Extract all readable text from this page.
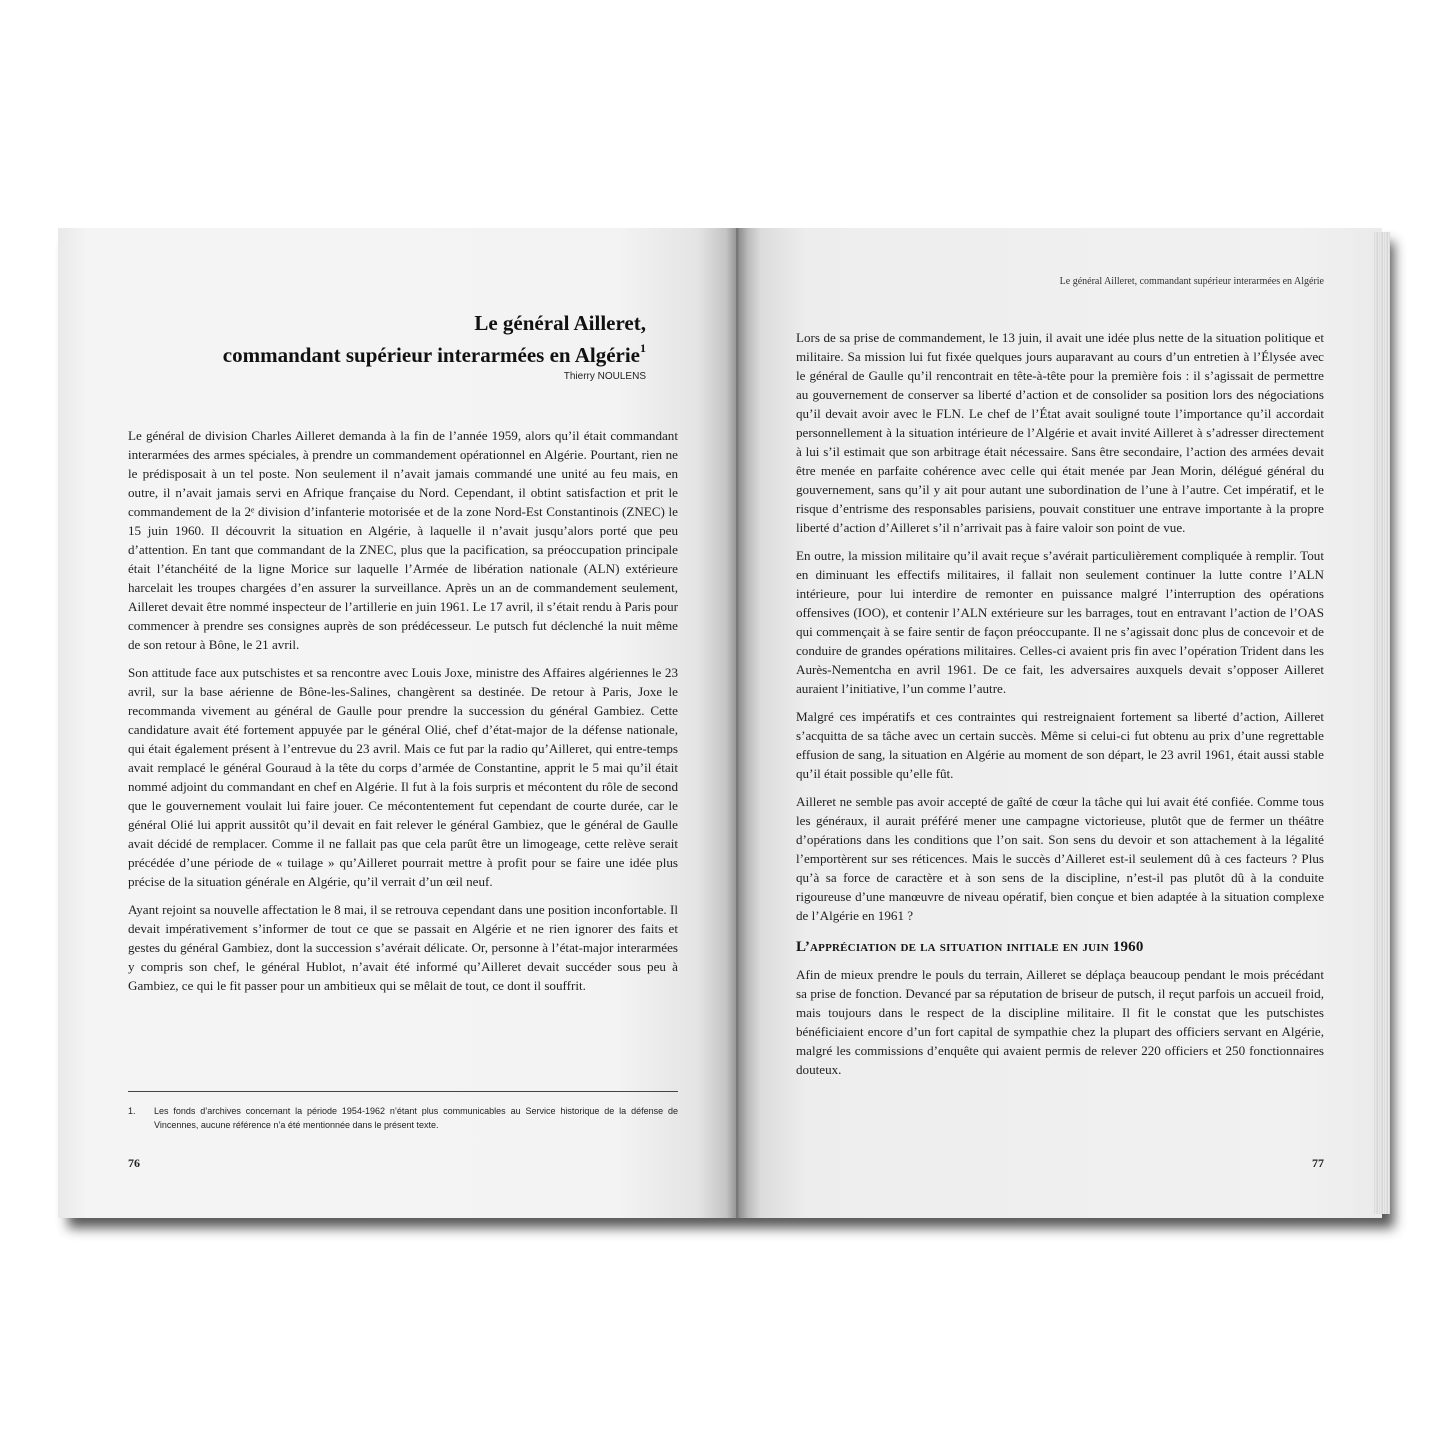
Le général Ailleret,
commandant supérieur interarmées en Algérie$^1$
Thierry NOULENS

Le général de division Charles Ailleret demanda à la fin de l’année 1959, alors qu’il était commandant interarmées des armes spéciales, à prendre un commandement opérationnel en Algérie. Pourtant, rien ne le prédisposait à un tel poste. Non seulement il n’avait jamais commandé une unité au feu mais, en outre, il n’avait jamais servi en Afrique française du Nord. Cependant, il obtint satisfaction et prit le commandement de la 2ᵉ division d’infanterie motorisée et de la zone Nord-Est Constantinois (ZNEC) le 15 juin 1960. Il découvrit la situation en Algérie, à laquelle il n’avait jusqu’alors porté que peu d’attention. En tant que commandant de la ZNEC, plus que la pacification, sa préoccupation principale était l’étanchéité de la ligne Morice sur laquelle l’Armée de libération nationale (ALN) extérieure harcelait les troupes chargées d’en assurer la surveillance. Après un an de commandement seulement, Ailleret devait être nommé inspecteur de l’artillerie en juin 1961. Le 17 avril, il s’était rendu à Paris pour commencer à prendre ses consignes auprès de son prédécesseur. Le putsch fut déclenché la nuit même de son retour à Bône, le 21 avril.

Son attitude face aux putschistes et sa rencontre avec Louis Joxe, ministre des Affaires algériennes le 23 avril, sur la base aérienne de Bône-les-Salines, changèrent sa destinée. De retour à Paris, Joxe le recommanda vivement au général de Gaulle pour prendre la succession du général Gambiez. Cette candidature avait été fortement appuyée par le général Olié, chef d’état-major de la défense nationale, qui était également présent à l’entrevue du 23 avril. Mais ce fut par la radio qu’Ailleret, qui entre-temps avait remplacé le général Gouraud à la tête du corps d’armée de Constantine, apprit le 5 mai qu’il était nommé adjoint du commandant en chef en Algérie. Il fut à la fois surpris et mécontent du rôle de second que le gouvernement voulait lui faire jouer. Ce mécontentement fut cependant de courte durée, car le général Olié lui apprit aussitôt qu’il devait en fait relever le général Gambiez, que le général de Gaulle avait décidé de remplacer. Comme il ne fallait pas que cela parût être un limogeage, cette relève serait précédée d’une période de « tuilage » qu’Ailleret pourrait mettre à profit pour se faire une idée plus précise de la situation générale en Algérie, qu’il verrait d’un œil neuf.

Ayant rejoint sa nouvelle affectation le 8 mai, il se retrouva cependant dans une position inconfortable. Il devait impérativement s’informer de tout ce que se passait en Algérie et ne rien ignorer des faits et gestes du général Gambiez, dont la succession s’avérait délicate. Or, personne à l’état-major interarmées y compris son chef, le général Hublot, n’avait été informé qu’Ailleret devait succéder sous peu à Gambiez, ce qui le fit passer pour un ambitieux qui se mêlait de tout, ce dont il souffrit.

1.	Les fonds d’archives concernant la période 1954-1962 n’étant plus communicables au Service historique de la défense de Vincennes, aucune référence n’a été mentionnée dans le présent texte.
76
Le général Ailleret, commandant supérieur interarmées en Algérie

Lors de sa prise de commandement, le 13 juin, il avait une idée plus nette de la situation politique et militaire. Sa mission lui fut fixée quelques jours auparavant au cours d’un entretien à l’Élysée avec le général de Gaulle qu’il rencontrait en tête-à-tête pour la première fois : il s’agissait de permettre au gouvernement de conserver sa liberté d’action et de consolider sa position lors des négociations qu’il devait avoir avec le FLN. Le chef de l’État avait souligné toute l’importance qu’il accordait personnellement à la situation intérieure de l’Algérie et avait invité Ailleret à s’adresser directement à lui s’il estimait que son arbitrage était nécessaire. Sans être secondaire, l’action des armées devait être menée en parfaite cohérence avec celle qui était menée par Jean Morin, délégué général du gouvernement, sans qu’il y ait pour autant une subordination de l’une à l’autre. Cet impératif, et le risque d’entrisme des responsables parisiens, pouvait constituer une entrave importante à la propre liberté d’action d’Ailleret s’il n’arrivait pas à faire valoir son point de vue.

En outre, la mission militaire qu’il avait reçue s’avérait particulièrement compliquée à remplir. Tout en diminuant les effectifs militaires, il fallait non seulement continuer la lutte contre l’ALN intérieure, pour lui interdire de remonter en puissance malgré l’interruption des opérations offensives (IOO), et contenir l’ALN extérieure sur les barrages, tout en entravant l’action de l’OAS qui commençait à se faire sentir de façon préoccupante. Il ne s’agissait donc plus de concevoir et de conduire de grandes opérations militaires. Celles-ci avaient pris fin avec l’opération Trident dans les Aurès-Nementcha en avril 1961. De ce fait, les adversaires auxquels devait s’opposer Ailleret auraient l’initiative, l’un comme l’autre.

Malgré ces impératifs et ces contraintes qui restreignaient fortement sa liberté d’action, Ailleret s’acquitta de sa tâche avec un certain succès. Même si celui-ci fut obtenu au prix d’une regrettable effusion de sang, la situation en Algérie au moment de son départ, le 23 avril 1961, était aussi stable qu’il était possible qu’elle fût.

Ailleret ne semble pas avoir accepté de gaîté de cœur la tâche qui lui avait été confiée. Comme tous les généraux, il aurait préféré mener une campagne victorieuse, plutôt que de fermer un théâtre d’opérations dans les conditions que l’on sait. Son sens du devoir et son attachement à la légalité l’emportèrent sur ses réticences. Mais le succès d’Ailleret est-il seulement dû à ces facteurs ? Plus qu’à sa force de caractère et à son sens de la discipline, n’est-il pas plutôt dû à la conduite rigoureuse d’une manœuvre de niveau opératif, bien conçue et bien adaptée à la situation complexe de l’Algérie en 1961 ?

L’appréciation de la situation initiale en juin 1960

Afin de mieux prendre le pouls du terrain, Ailleret se déplaça beaucoup pendant le mois précédant sa prise de fonction. Devancé par sa réputation de briseur de putsch, il reçut parfois un accueil froid, mais toujours dans le respect de la discipline militaire. Il fit le constat que les putschistes bénéficiaient encore d’un fort capital de sympathie chez la plupart des officiers servant en Algérie, malgré les commissions d’enquête qui avaient permis de relever 220 officiers et 250 fonctionnaires douteux.

77
